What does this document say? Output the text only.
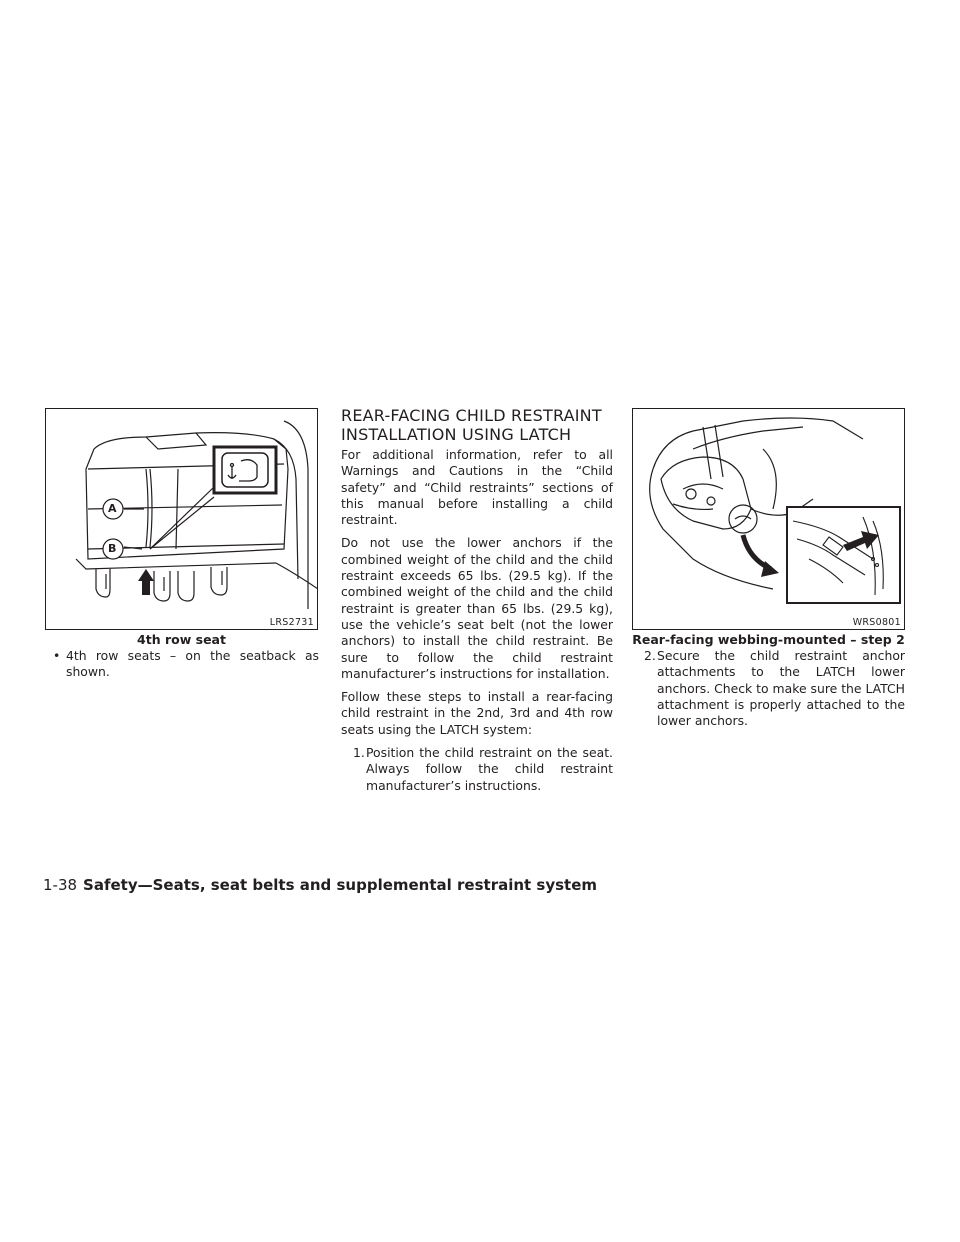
A
B
LRS2731
4th row seat
• 4th row seats – on the seatback as shown.
REAR-FACING CHILD RESTRAINT
INSTALLATION USING LATCH

For additional information, refer to all Warnings and Cautions in the “Child safety” and “Child restraints” sections of this manual before installing a child restraint.

Do not use the lower anchors if the combined weight of the child and the child restraint exceeds 65 lbs. (29.5 kg). If the combined weight of the child and the child restraint is greater than 65 lbs. (29.5 kg), use the vehicle’s seat belt (not the lower anchors) to install the child restraint. Be sure to follow the child restraint manufacturer’s instructions for installation.

Follow these steps to install a rear-facing child restraint in the 2nd, 3rd and 4th row seats using the LATCH system:

1.Position the child restraint on the seat. Always follow the child restraint manufacturer’s instructions.
WRS0801
Rear-facing webbing-mounted – step 2
2.Secure the child restraint anchor attachments to the LATCH lower anchors. Check to make sure the LATCH attachment is properly attached to the lower anchors.
1-38 Safety—Seats, seat belts and supplemental restraint system
